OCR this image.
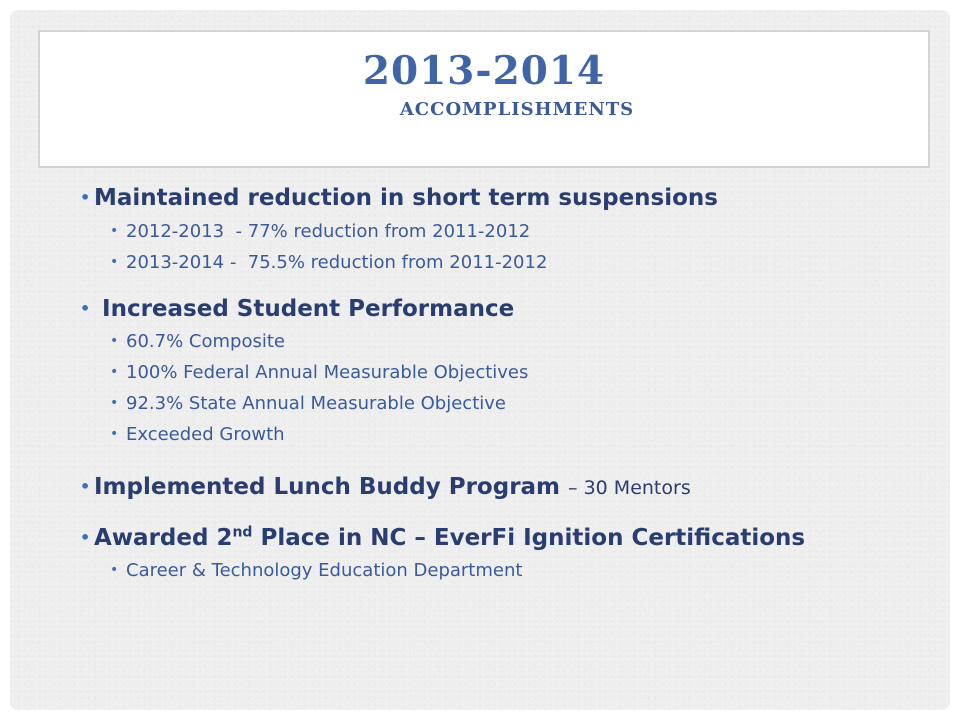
2013-2014
ACCOMPLISHMENTS
• Maintained reduction in short term suspensions
• 2012-2013  - 77% reduction from 2011-2012
• 2013-2014 -  75.5% reduction from 2011-2012
• Increased Student Performance
• 60.7% Composite
• 100% Federal Annual Measurable Objectives
• 92.3% State Annual Measurable Objective
• Exceeded Growth
• Implemented Lunch Buddy Program – 30 Mentors
• Awarded 2nd Place in NC – EverFi Ignition Certifications
• Career & Technology Education Department
